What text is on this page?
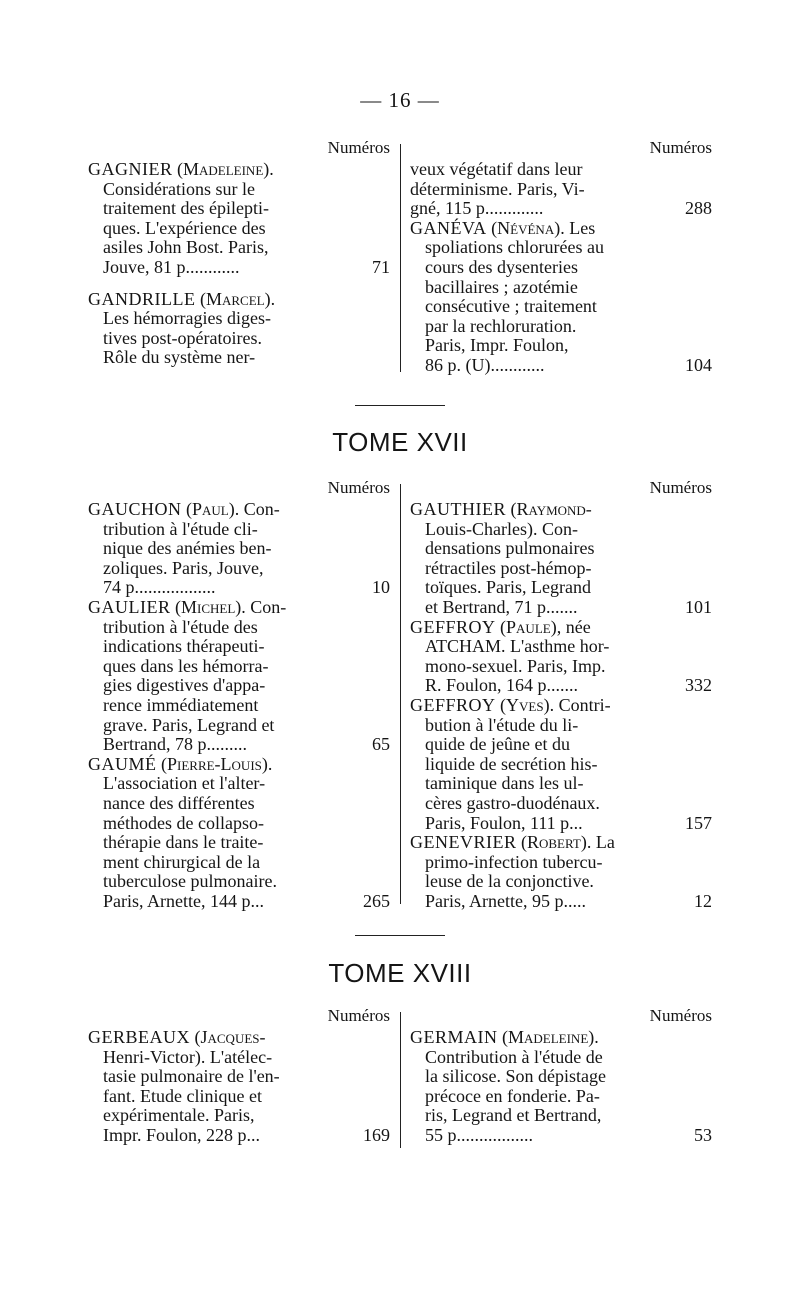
— 16 —
Numéros
GAGNIER (Madeleine).
Considérations sur le
traitement des épilepti-
ques. L'expérience des
asiles John Bost. Paris,
Jouve, 81 p............	71
GANDRILLE (Marcel).
Les hémorragies diges-
tives post-opératoires.
Rôle du système ner-
Numéros
veux végétatif dans leur
déterminisme. Paris, Vi-
gné, 115 p.............	288
GANÉVA (Névéna). Les
spoliations chlorurées au
cours des dysenteries
bacillaires ; azotémie
consécutive ; traitement
par la rechloruration.
Paris, Impr. Foulon,
86 p. (U)............	104
TOME XVII
Numéros
GAUCHON (Paul). Con-
tribution à l'étude cli-
nique des anémies ben-
zoliques. Paris, Jouve,
74 p..................	10
GAULIER (Michel). Con-
tribution à l'étude des
indications thérapeuti-
ques dans les hémorra-
gies digestives d'appa-
rence immédiatement
grave. Paris, Legrand et
Bertrand, 78 p.........	65
GAUMÉ (Pierre-Louis).
L'association et l'alter-
nance des différentes
méthodes de collapso-
thérapie dans le traite-
ment chirurgical de la
tuberculose pulmonaire.
Paris, Arnette, 144 p...	265
Numéros
GAUTHIER (Raymond-
Louis-Charles). Con-
densations pulmonaires
rétractiles post-hémop-
toïques. Paris, Legrand
et Bertrand, 71 p.......	101
GEFFROY (Paule), née
ATCHAM. L'asthme hor-
mono-sexuel. Paris, Imp.
R. Foulon, 164 p.......	332
GEFFROY (Yves). Contri-
bution à l'étude du li-
quide de jeûne et du
liquide de secrétion his-
taminique dans les ul-
cères gastro-duodénaux.
Paris, Foulon, 111 p...	157
GENEVRIER (Robert). La
primo-infection tubercu-
leuse de la conjonctive.
Paris, Arnette, 95 p.....	12
TOME XVIII
Numéros
GERBEAUX (Jacques-
Henri-Victor). L'atélec-
tasie pulmonaire de l'en-
fant. Etude clinique et
expérimentale. Paris,
Impr. Foulon, 228 p...	169
Numéros
GERMAIN (Madeleine).
Contribution à l'étude de
la silicose. Son dépistage
précoce en fonderie. Pa-
ris, Legrand et Bertrand,
55 p.................	53
